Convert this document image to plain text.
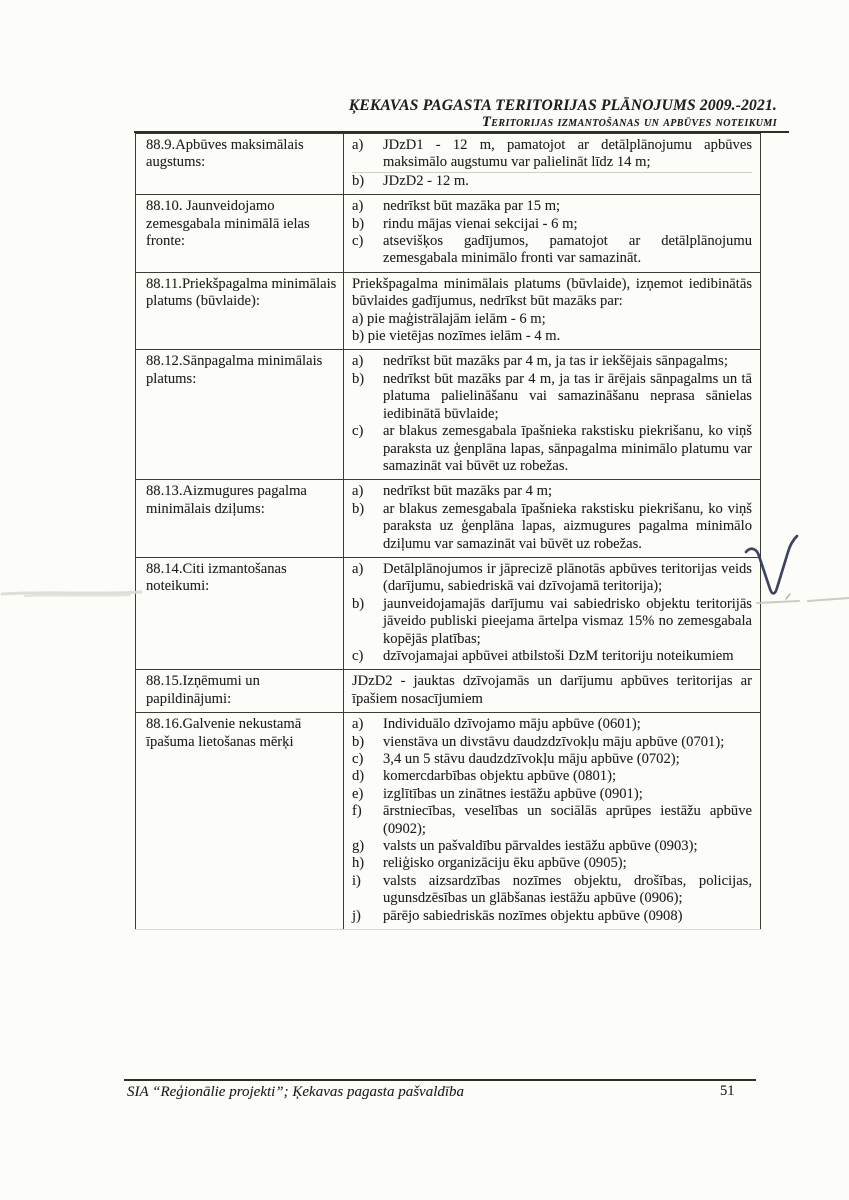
ĶEKAVAS PAGASTA TERITORIJAS PLĀNOJUMS 2009.-2021.
Teritorijas izmantošanas un apbūves noteikumi
88.9.Apbūves maksimālais augstums:	
a)	JDzD1 - 12 m, pamatojot ar detālplānojumu apbūves maksimālo augstumu var palielināt līdz 14 m;
b)	JDzD2 - 12 m.

88.10. Jaunveidojamo zemesgabala minimālā ielas fronte:	
a)	nedrīkst būt mazāka par 15 m;
b)	rindu mājas vienai sekcijai - 6 m;
c)	atsevišķos gadījumos, pamatojot ar detālplānojumu zemesgabala minimālo fronti var samazināt.

88.11.Priekšpagalma minimālais platums (būvlaide):	
Priekšpagalma minimālais platums (būvlaide), izņemot iedibinātās būvlaides gadījumus, nedrīkst būt mazāks par:
a) pie maģistrālajām ielām - 6 m;
b) pie vietējas nozīmes ielām - 4 m.

88.12.Sānpagalma minimālais platums:	
a)	nedrīkst būt mazāks par 4 m, ja tas ir iekšējais sānpagalms;
b)	nedrīkst būt mazāks par 4 m, ja tas ir ārējais sānpagalms un tā platuma palielināšanu vai samazināšanu neprasa sānielas iedibinātā būvlaide;
c)	ar blakus zemesgabala īpašnieka rakstisku piekrišanu, ko viņš paraksta uz ģenplāna lapas, sānpagalma minimālo platumu var samazināt vai būvēt uz robežas.

88.13.Aizmugures pagalma minimālais dziļums:	
a)	nedrīkst būt mazāks par 4 m;
b)	ar blakus zemesgabala īpašnieka rakstisku piekrišanu, ko viņš paraksta uz ģenplāna lapas, aizmugures pagalma minimālo dziļumu var samazināt vai būvēt uz robežas.

88.14.Citi izmantošanas noteikumi:	
a)	Detālplānojumos ir jāprecizē plānotās apbūves teritorijas veids (darījumu, sabiedriskā vai dzīvojamā teritorija);
b)	jaunveidojamajās darījumu vai sabiedrisko objektu teritorijās jāveido publiski pieejama ārtelpa vismaz 15% no zemesgabala kopējās platības;
c)	dzīvojamajai apbūvei atbilstoši DzM teritoriju noteikumiem

88.15.Izņēmumi un papildinājumi:	
JDzD2 - jauktas dzīvojamās un darījumu apbūves teritorijas ar īpašiem nosacījumiem

88.16.Galvenie nekustamā īpašuma lietošanas mērķi	
a)	Individuālo dzīvojamo māju apbūve (0601);
b)	vienstāva un divstāvu daudzdzīvokļu māju apbūve (0701);
c)	3,4 un 5 stāvu daudzdzīvokļu māju apbūve (0702);
d)	komercdarbības objektu apbūve (0801);
e)	izglītības un zinātnes iestāžu apbūve (0901);
f)	ārstniecības, veselības un sociālās aprūpes iestāžu apbūve (0902);
g)	valsts un pašvaldību pārvaldes iestāžu apbūve (0903);
h)	reliģisko organizāciju ēku apbūve (0905);
i)	valsts aizsardzības nozīmes objektu, drošības, policijas, ugunsdzēsības un glābšanas iestāžu apbūve (0906);
j)	pārējo sabiedriskās nozīmes objektu apbūve (0908)
SIA “Reģionālie projekti”; Ķekavas pagasta pašvaldība	51
